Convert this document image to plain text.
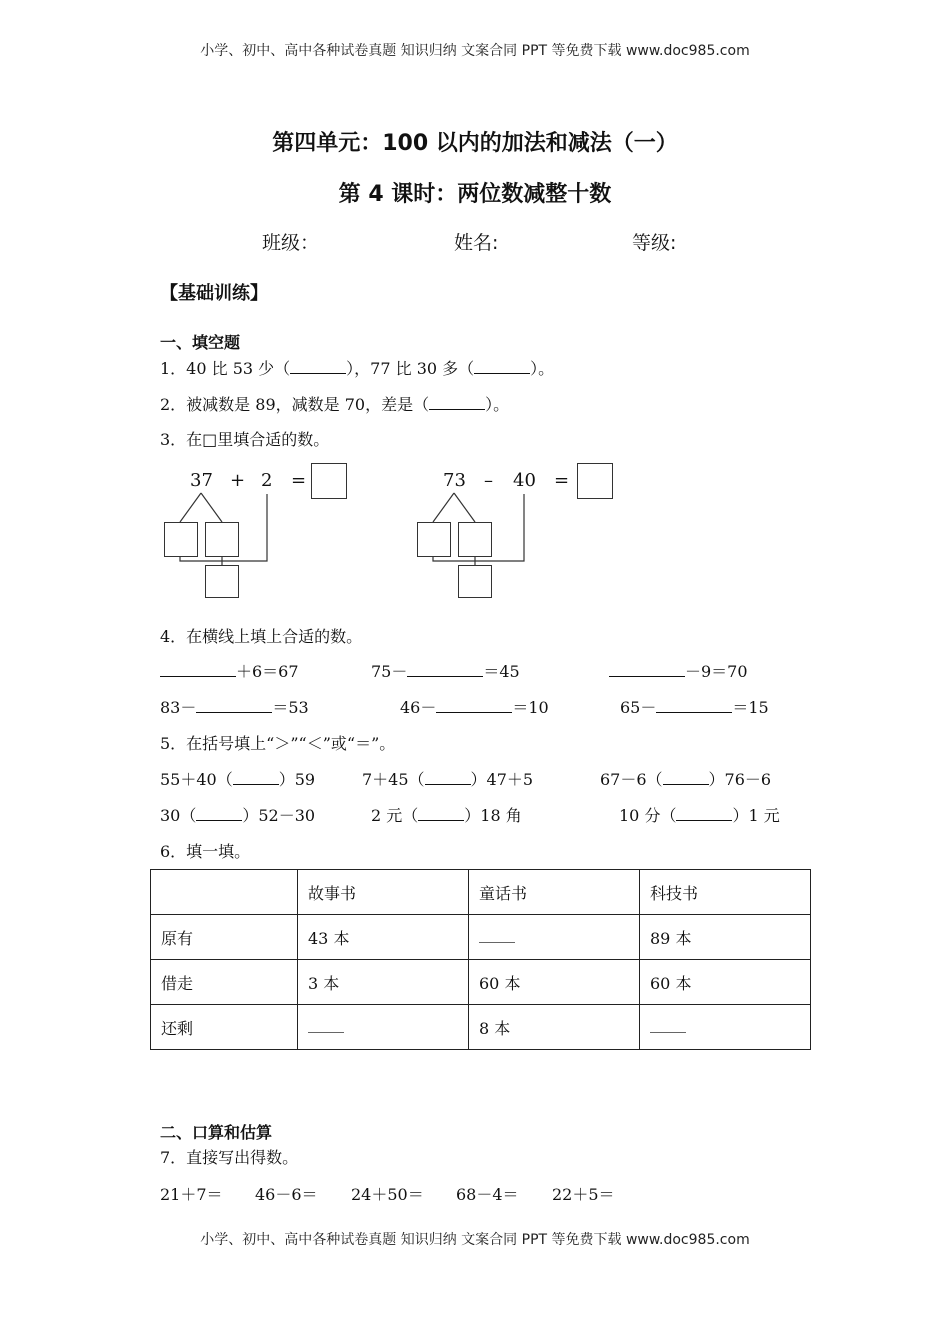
小学、初中、高中各种试卷真题 知识归纳 文案合同 PPT 等免费下载 www.doc985.com
第四单元：100 以内的加法和减法（一）
第 4 课时：两位数减整十数
班级：	姓名:	等级:
【基础训练】
一、填空题
1．40 比 53 少（	），77 比 30 多（	）。
2．被减数是 89，减数是 70，差是（	）。
3．在□里填合适的数。
37 + 2 =	73 – 40 =
4．在横线上填上合适的数。
＋6＝67	75－	＝45	－9＝70
83－	＝53	46－	＝10	65－	＝15
5．在括号填上“＞”“＜”或“＝”。
55＋40（	）59	7＋45（	）47＋5	67－6（	）76－6
30（	）52－30	2 元（	）18 角	10 分（	）1 元
6．填一填。
	故事书	童话书	科技书
原有	43 本		89 本
借走	3 本	60 本	60 本
还剩		8 本	
二、口算和估算
7．直接写出得数。
21＋7＝ 46－6＝ 24＋50＝ 68－4＝ 22＋5＝
小学、初中、高中各种试卷真题 知识归纳 文案合同 PPT 等免费下载 www.doc985.com
